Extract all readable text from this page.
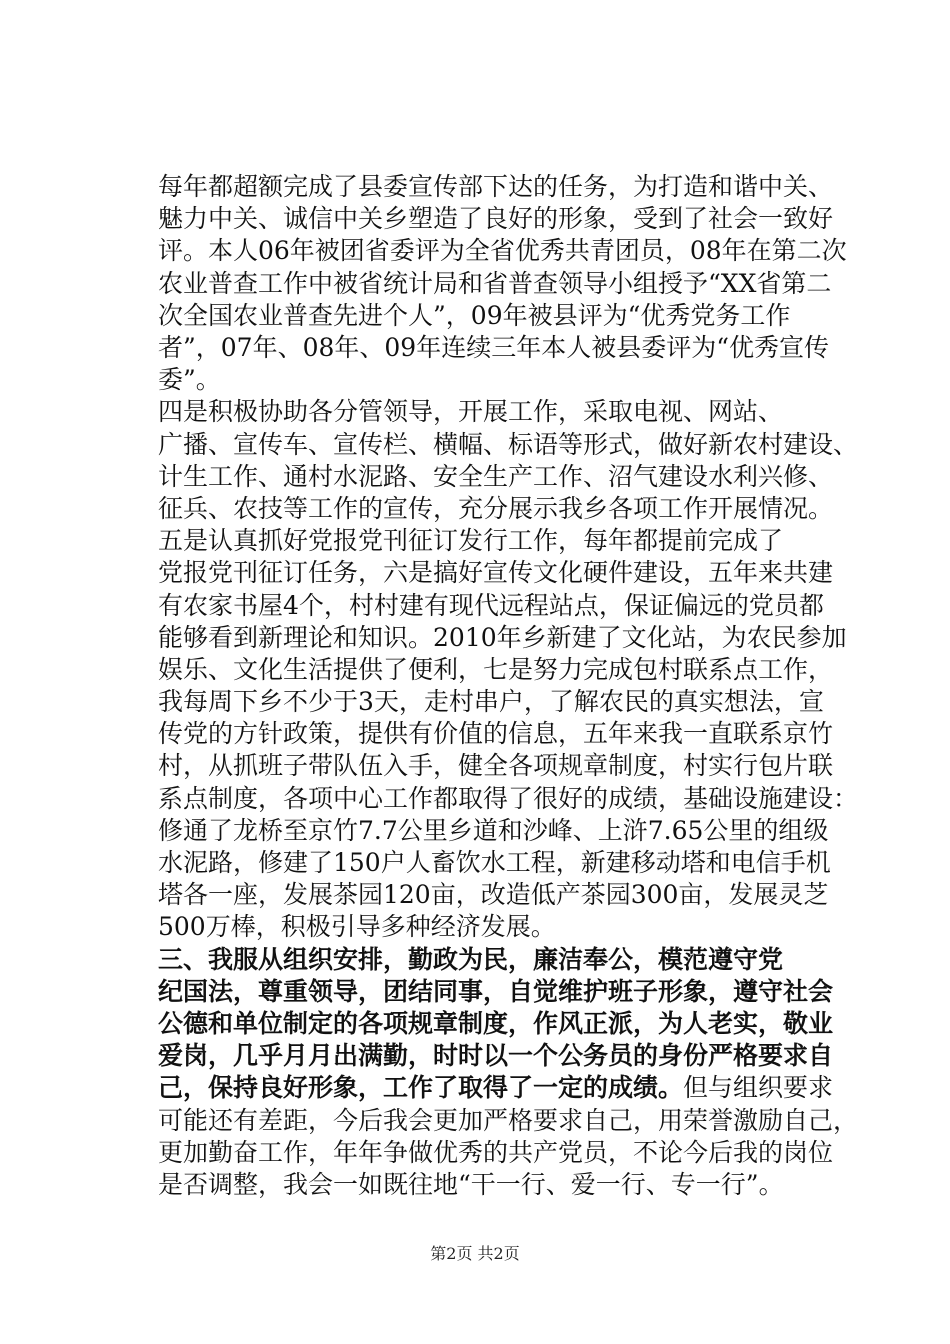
每年都超额完成了县委宣传部下达的任务，为打造和谐中关、
魅力中关、诚信中关乡塑造了良好的形象，受到了社会一致好
评。本人06年被团省委评为全省优秀共青团员，08年在第二次
农业普查工作中被省统计局和省普查领导小组授予“XX省第二
次全国农业普查先进个人”，09年被县评为“优秀党务工作
者”，07年、08年、09年连续三年本人被县委评为“优秀宣传
委”。
四是积极协助各分管领导，开展工作，采取电视、网站、
广播、宣传车、宣传栏、横幅、标语等形式，做好新农村建设、
计生工作、通村水泥路、安全生产工作、沼气建设水利兴修、
征兵、农技等工作的宣传，充分展示我乡各项工作开展情况。
五是认真抓好党报党刊征订发行工作，每年都提前完成了
党报党刊征订任务，六是搞好宣传文化硬件建设，五年来共建
有农家书屋4个，村村建有现代远程站点，保证偏远的党员都
能够看到新理论和知识。2010年乡新建了文化站，为农民参加
娱乐、文化生活提供了便利，七是努力完成包村联系点工作，
我每周下乡不少于3天，走村串户，了解农民的真实想法，宣
传党的方针政策，提供有价值的信息，五年来我一直联系京竹
村，从抓班子带队伍入手，健全各项规章制度，村实行包片联
系点制度，各项中心工作都取得了很好的成绩，基础设施建设：
修通了龙桥至京竹7.7公里乡道和沙峰、上浒7.65公里的组级
水泥路，修建了150户人畜饮水工程，新建移动塔和电信手机
塔各一座，发展茶园120亩，改造低产茶园300亩，发展灵芝
500万棒，积极引导多种经济发展。
三、我服从组织安排，勤政为民，廉洁奉公，模范遵守党
纪国法，尊重领导，团结同事，自觉维护班子形象，遵守社会
公德和单位制定的各项规章制度，作风正派，为人老实，敬业
爱岗，几乎月月出满勤，时时以一个公务员的身份严格要求自
己，保持良好形象，工作了取得了一定的成绩。但与组织要求
可能还有差距，今后我会更加严格要求自己，用荣誉激励自己，
更加勤奋工作，年年争做优秀的共产党员，不论今后我的岗位
是否调整，我会一如既往地“干一行、爱一行、专一行”。
第2页 共2页
